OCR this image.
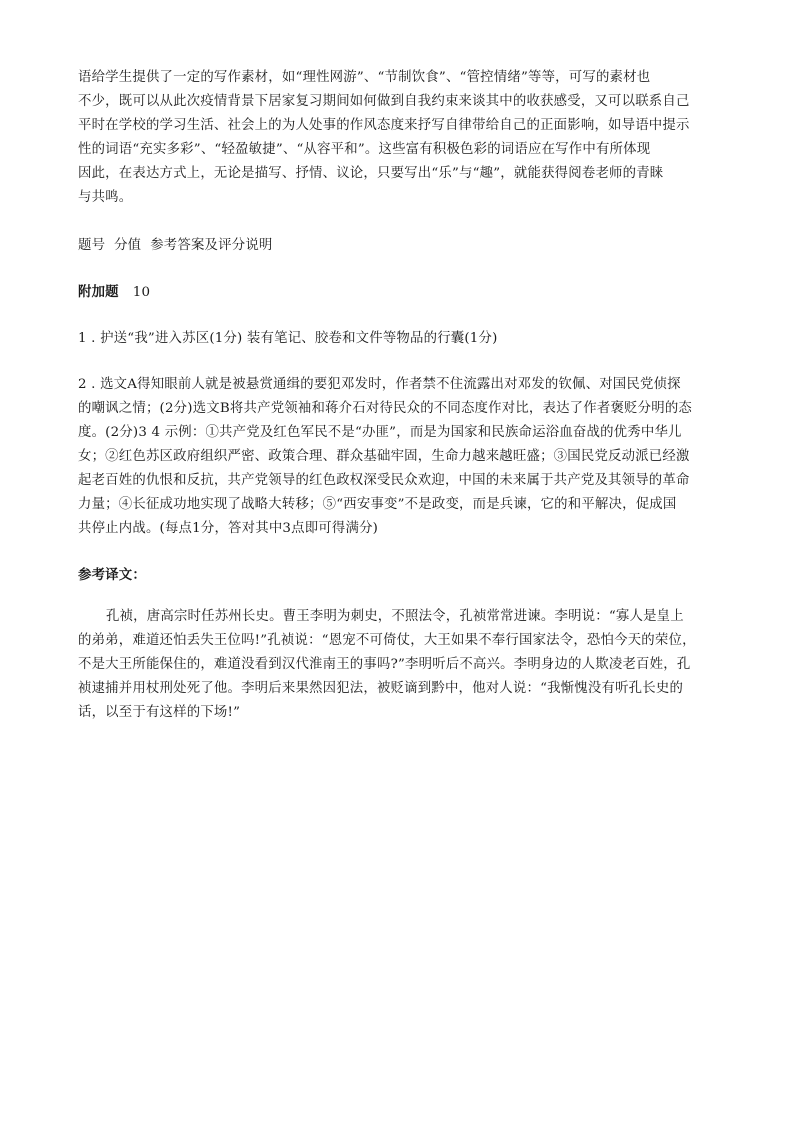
语给学生提供了一定的写作素材，如“理性网游”、“节制饮食”、“管控情绪”等等，可写的素材也
不少，既可以从此次疫情背景下居家复习期间如何做到自我约束来谈其中的收获感受，又可以联系自己
平时在学校的学习生活、社会上的为人处事的作风态度来抒写自律带给自己的正面影响，如导语中提示
性的词语“充实多彩”、“轻盈敏捷”、“从容平和”。这些富有积极色彩的词语应在写作中有所体现
因此，在表达方式上，无论是描写、抒情、议论，只要写出“乐”与“趣”，就能获得阅卷老师的青睐
与共鸣。
题号  分值  参考答案及评分说明
附加题 10
1 . 护送“我”进入苏区(1分) 装有笔记、胶卷和文件等物品的行囊(1分)
2 . 选文A得知眼前人就是被悬赏通缉的要犯邓发时，作者禁不住流露出对邓发的钦佩、对国民党侦探
的嘲讽之情；(2分)选文B将共产党领袖和蒋介石对待民众的不同态度作对比，表达了作者褒贬分明的态
度。(2分)3 4 示例：①共产党及红色军民不是“办匪”，而是为国家和民族命运浴血奋战的优秀中华儿
女；②红色苏区政府组织严密、政策合理、群众基础牢固，生命力越来越旺盛；③国民党反动派已经激
起老百姓的仇恨和反抗，共产党领导的红色政权深受民众欢迎，中国的未来属于共产党及其领导的革命
力量；④长征成功地实现了战略大转移；⑤“西安事变”不是政变，而是兵谏，它的和平解决，促成国
共停止内战。(每点1分，答对其中3点即可得满分)
参考译文：
孔祯，唐高宗时任苏州长史。曹王李明为刺史，不照法令，孔祯常常进谏。李明说：“寡人是皇上
的弟弟，难道还怕丢失王位吗!”孔祯说：“恩宠不可倚仗，大王如果不奉行国家法令，恐怕今天的荣位，
不是大王所能保住的，难道没看到汉代淮南王的事吗?”李明听后不高兴。李明身边的人欺凌老百姓，孔
祯逮捕并用杖刑处死了他。李明后来果然因犯法，被贬谪到黔中，他对人说：“我惭愧没有听孔长史的
话，以至于有这样的下场!”
